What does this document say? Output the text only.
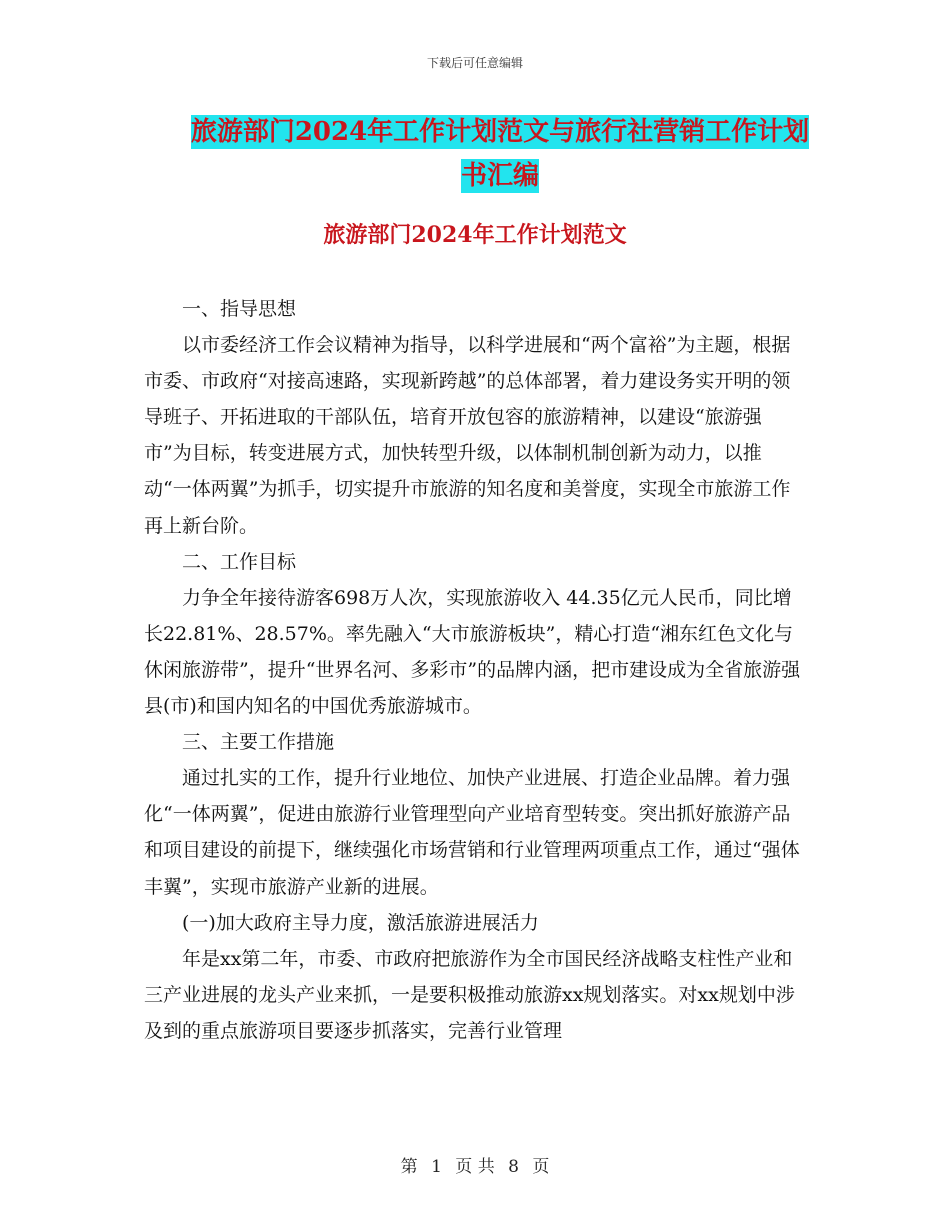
下载后可任意编辑
旅游部门2024年工作计划范文与旅行社营销工作计划
书汇编
旅游部门2024年工作计划范文

一、指导思想

以市委经济工作会议精神为指导，以科学进展和“两个富裕”为主题，根据市委、市政府“对接高速路，实现新跨越”的总体部署，着力建设务实开明的领导班子、开拓进取的干部队伍，培育开放包容的旅游精神，以建设“旅游强市”为目标，转变进展方式，加快转型升级，以体制机制创新为动力，以推动“一体两翼”为抓手，切实提升市旅游的知名度和美誉度，实现全市旅游工作再上新台阶。

二、工作目标

力争全年接待游客698万人次，实现旅游收入 44.35亿元人民币，同比增长22.81%、28.57%。率先融入“大市旅游板块”，精心打造“湘东红色文化与休闲旅游带”，提升“世界名河、多彩市”的品牌内涵，把市建设成为全省旅游强县(市)和国内知名的中国优秀旅游城市。

三、主要工作措施

通过扎实的工作，提升行业地位、加快产业进展、打造企业品牌。着力强化“一体两翼”，促进由旅游行业管理型向产业培育型转变。突出抓好旅游产品和项目建设的前提下，继续强化市场营销和行业管理两项重点工作，通过“强体丰翼”，实现市旅游产业新的进展。

(一)加大政府主导力度，激活旅游进展活力

年是xx第二年，市委、市政府把旅游作为全市国民经济战略支柱性产业和三产业进展的龙头产业来抓，一是要积极推动旅游xx规划落实。对xx规划中涉及到的重点旅游项目要逐步抓落实，完善行业管理

第 1 页 共 8 页
